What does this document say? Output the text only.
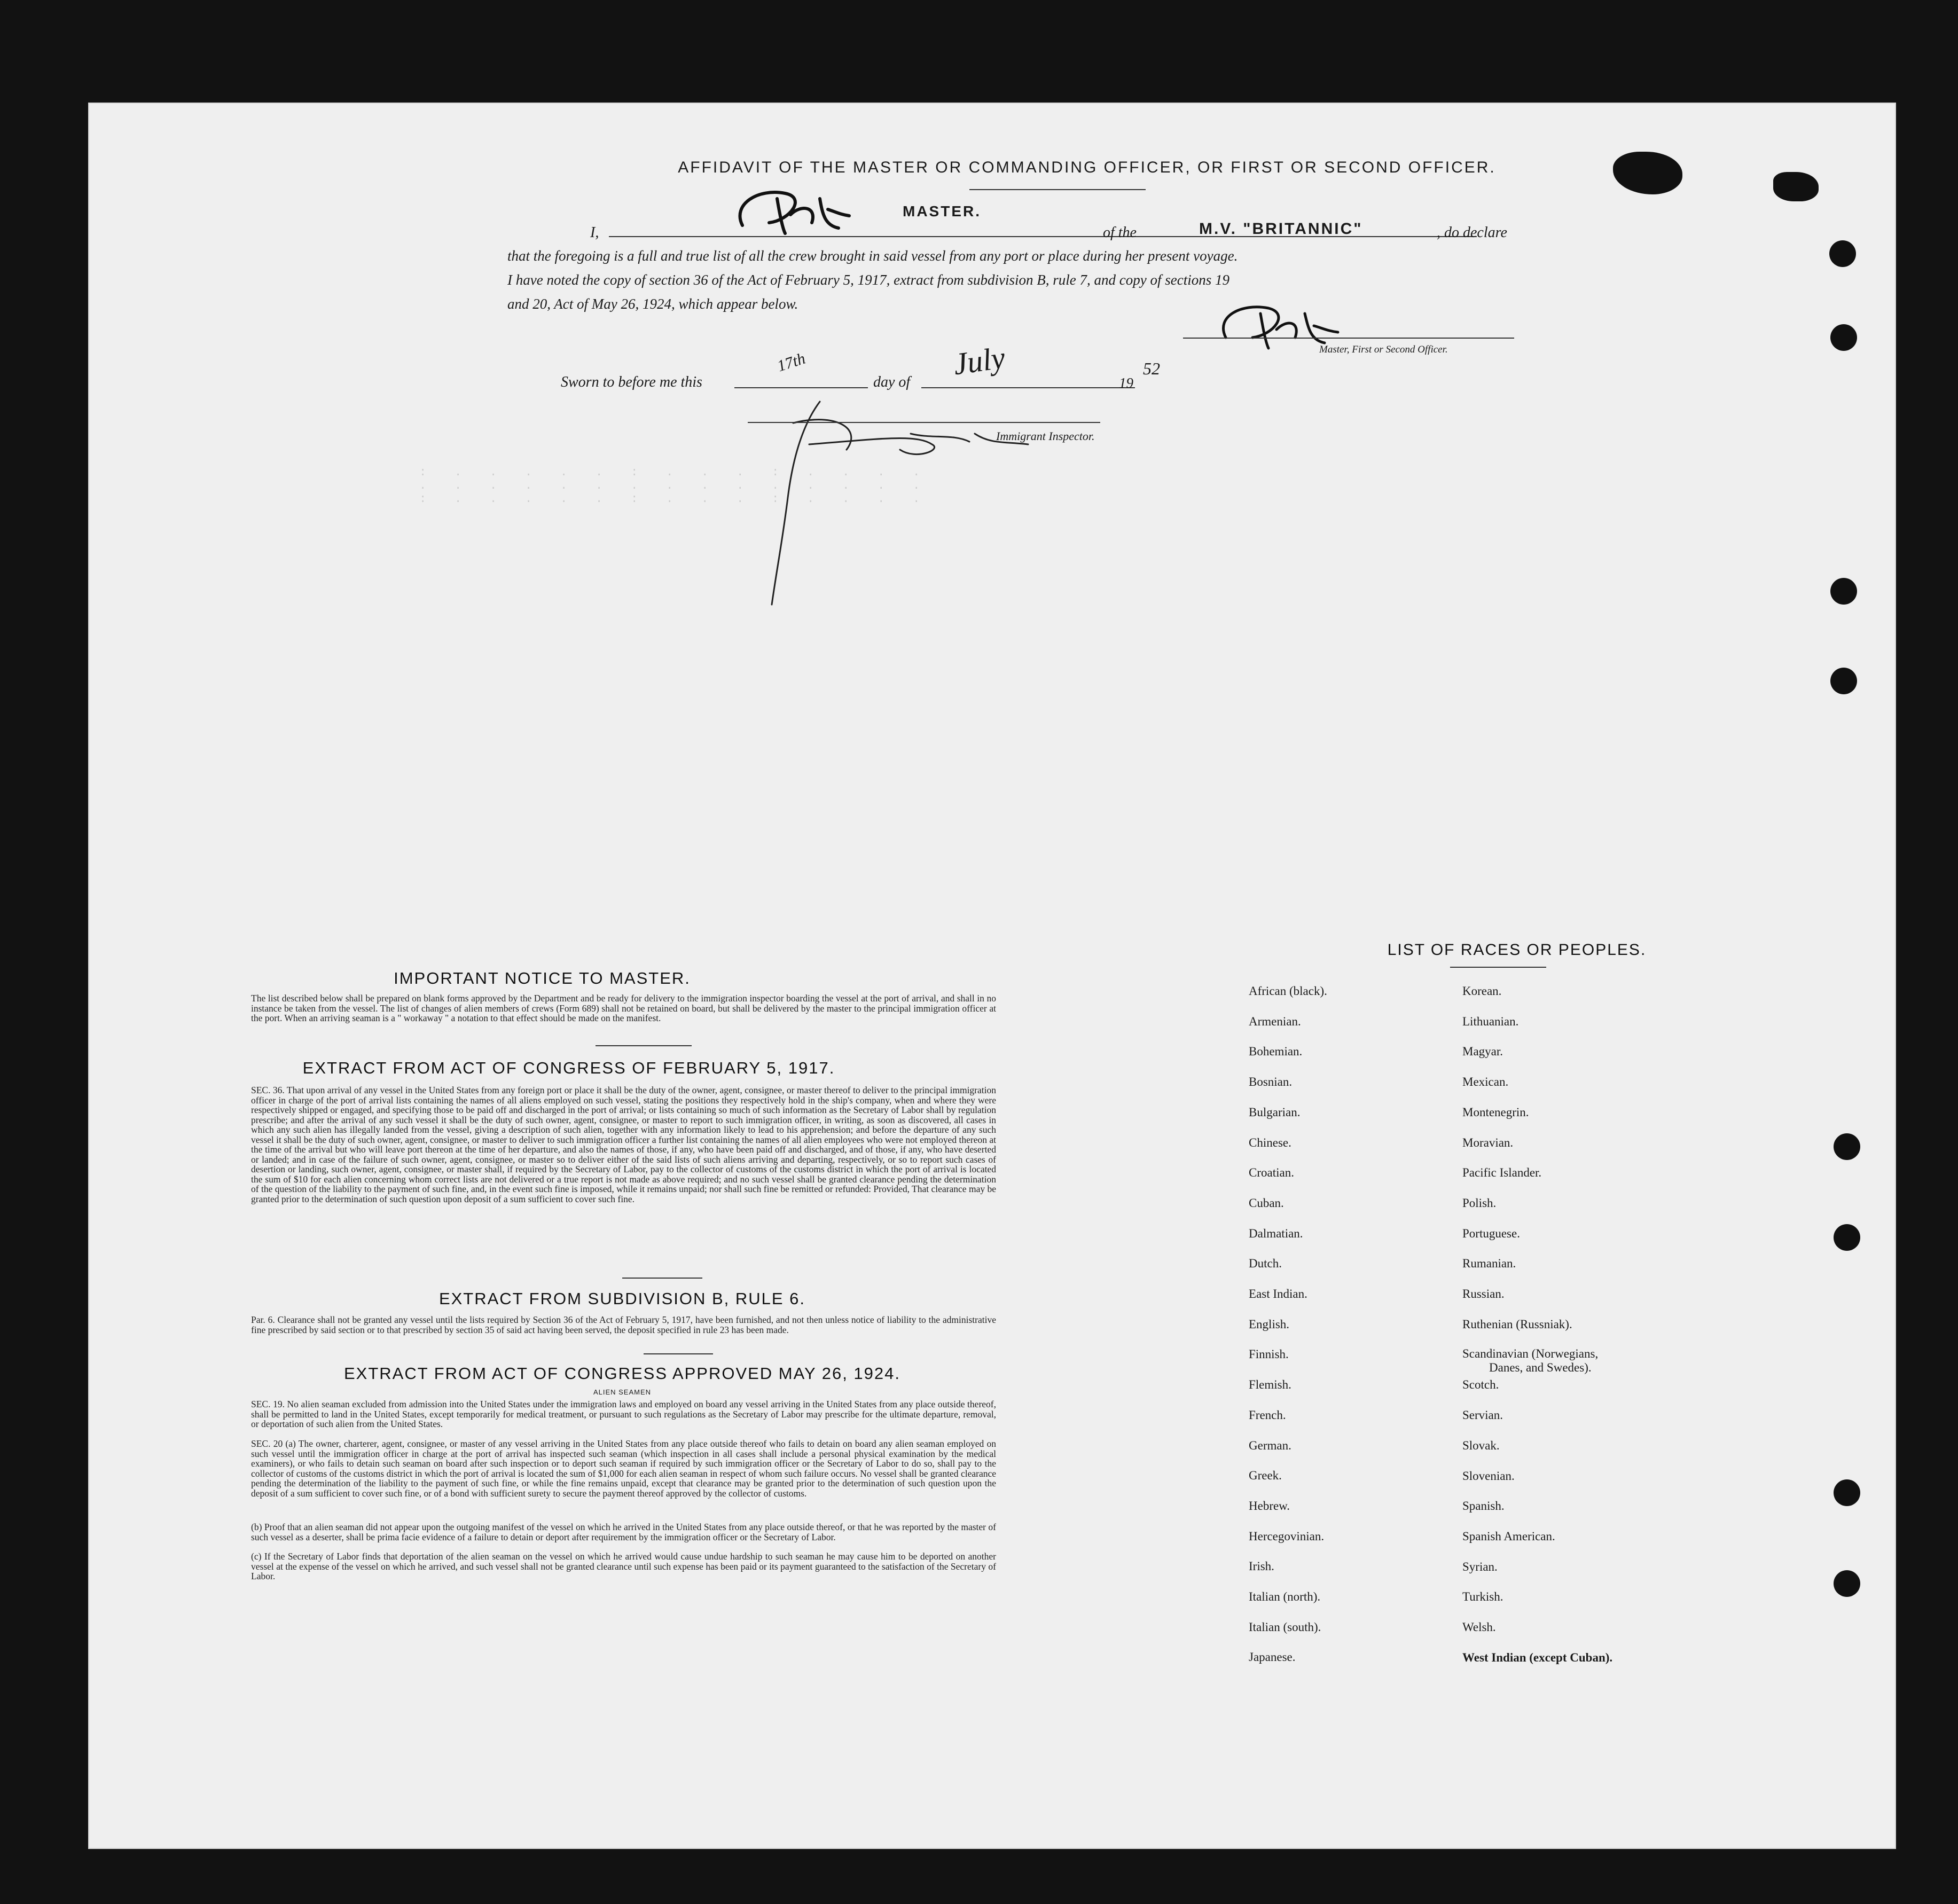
:    .    .    .    .    .    :    .    .    .    :    .    .    .    .
.    .    .    .    .    .    .    .    .    .    .    .    .    .    .
:    .    .    .    .    .    :    .    .    .    :    .    .    .    .
AFFIDAVIT OF THE MASTER OR COMMANDING OFFICER, OR FIRST OR SECOND OFFICER.
MASTER.
I,	of the	M.V. "BRITANNIC"	, do declare
that the foregoing is a full and true list of all the crew brought in said vessel from any port or place during her present voyage.
I have noted the copy of section 36 of the Act of February 5, 1917, extract from subdivision B, rule 7, and copy of sections 19
and 20, Act of May 26, 1924, which appear below.
Master, First or Second Officer.
Sworn to before me this
17th
day of
July
19
52
Immigrant Inspector.
IMPORTANT NOTICE TO MASTER.
The list described below shall be prepared on blank forms approved by the Department and be ready for delivery to the immigration inspector boarding the vessel at the port of arrival, and shall in no instance be taken from the vessel. The list of changes of alien members of crews (Form 689) shall not be retained on board, but shall be delivered by the master to the principal immigration officer at the port. When an arriving seaman is a " workaway " a notation to that effect should be made on the manifest.
EXTRACT FROM ACT OF CONGRESS OF FEBRUARY 5, 1917.
SEC. 36. That upon arrival of any vessel in the United States from any foreign port or place it shall be the duty of the owner, agent, consignee, or master thereof to deliver to the principal immigration officer in charge of the port of arrival lists containing the names of all aliens employed on such vessel, stating the positions they respectively hold in the ship's company, when and where they were respectively shipped or engaged, and specifying those to be paid off and discharged in the port of arrival; or lists containing so much of such information as the Secretary of Labor shall by regulation prescribe; and after the arrival of any such vessel it shall be the duty of such owner, agent, consignee, or master to report to such immigration officer, in writing, as soon as discovered, all cases in which any such alien has illegally landed from the vessel, giving a description of such alien, together with any information likely to lead to his apprehension; and before the departure of any such vessel it shall be the duty of such owner, agent, consignee, or master to deliver to such immigration officer a further list containing the names of all alien employees who were not employed thereon at the time of the arrival but who will leave port thereon at the time of her departure, and also the names of those, if any, who have been paid off and discharged, and of those, if any, who have deserted or landed; and in case of the failure of such owner, agent, consignee, or master so to deliver either of the said lists of such aliens arriving and departing, respectively, or so to report such cases of desertion or landing, such owner, agent, consignee, or master shall, if required by the Secretary of Labor, pay to the collector of customs of the customs district in which the port of arrival is located the sum of $10 for each alien concerning whom correct lists are not delivered or a true report is not made as above required; and no such vessel shall be granted clearance pending the determination of the question of the liability to the payment of such fine, and, in the event such fine is imposed, while it remains unpaid; nor shall such fine be remitted or refunded: Provided, That clearance may be granted prior to the determination of such question upon deposit of a sum sufficient to cover such fine.
EXTRACT FROM SUBDIVISION B, RULE 6.
Par. 6. Clearance shall not be granted any vessel until the lists required by Section 36 of the Act of February 5, 1917, have been furnished, and not then unless notice of liability to the administrative fine prescribed by said section or to that prescribed by section 35 of said act having been served, the deposit specified in rule 23 has been made.
EXTRACT FROM ACT OF CONGRESS APPROVED MAY 26, 1924.
ALIEN SEAMEN
SEC. 19. No alien seaman excluded from admission into the United States under the immigration laws and employed on board any vessel arriving in the United States from any place outside thereof, shall be permitted to land in the United States, except temporarily for medical treatment, or pursuant to such regulations as the Secretary of Labor may prescribe for the ultimate departure, removal, or deportation of such alien from the United States.
SEC. 20 (a) The owner, charterer, agent, consignee, or master of any vessel arriving in the United States from any place outside thereof who fails to detain on board any alien seaman employed on such vessel until the immigration officer in charge at the port of arrival has inspected such seaman (which inspection in all cases shall include a personal physical examination by the medical examiners), or who fails to detain such seaman on board after such inspection or to deport such seaman if required by such immigration officer or the Secretary of Labor to do so, shall pay to the collector of customs of the customs district in which the port of arrival is located the sum of $1,000 for each alien seaman in respect of whom such failure occurs. No vessel shall be granted clearance pending the determination of the liability to the payment of such fine, or while the fine remains unpaid, except that clearance may be granted prior to the determination of such question upon the deposit of a sum sufficient to cover such fine, or of a bond with sufficient surety to secure the payment thereof approved by the collector of customs.
(b) Proof that an alien seaman did not appear upon the outgoing manifest of the vessel on which he arrived in the United States from any place outside thereof, or that he was reported by the master of such vessel as a deserter, shall be prima facie evidence of a failure to detain or deport after requirement by the immigration officer or the Secretary of Labor.
(c) If the Secretary of Labor finds that deportation of the alien seaman on the vessel on which he arrived would cause undue hardship to such seaman he may cause him to be deported on another vessel at the expense of the vessel on which he arrived, and such vessel shall not be granted clearance until such expense has been paid or its payment guaranteed to the satisfaction of the Secretary of Labor.
LIST OF RACES OR PEOPLES.
African (black).
Armenian.
Bohemian.
Bosnian.
Bulgarian.
Chinese.
Croatian.
Cuban.
Dalmatian.
Dutch.
East Indian.
English.
Finnish.
Flemish.
French.
German.
Greek.
Hebrew.
Hercegovinian.
Irish.
Italian (north).
Italian (south).
Japanese.
Korean.
Lithuanian.
Magyar.
Mexican.
Montenegrin.
Moravian.
Pacific Islander.
Polish.
Portuguese.
Rumanian.
Russian.
Ruthenian (Russniak).
Scandinavian (Norwegians,
Danes, and Swedes).
Scotch.
Servian.
Slovak.
Slovenian.
Spanish.
Spanish American.
Syrian.
Turkish.
Welsh.
West Indian (except Cuban).
